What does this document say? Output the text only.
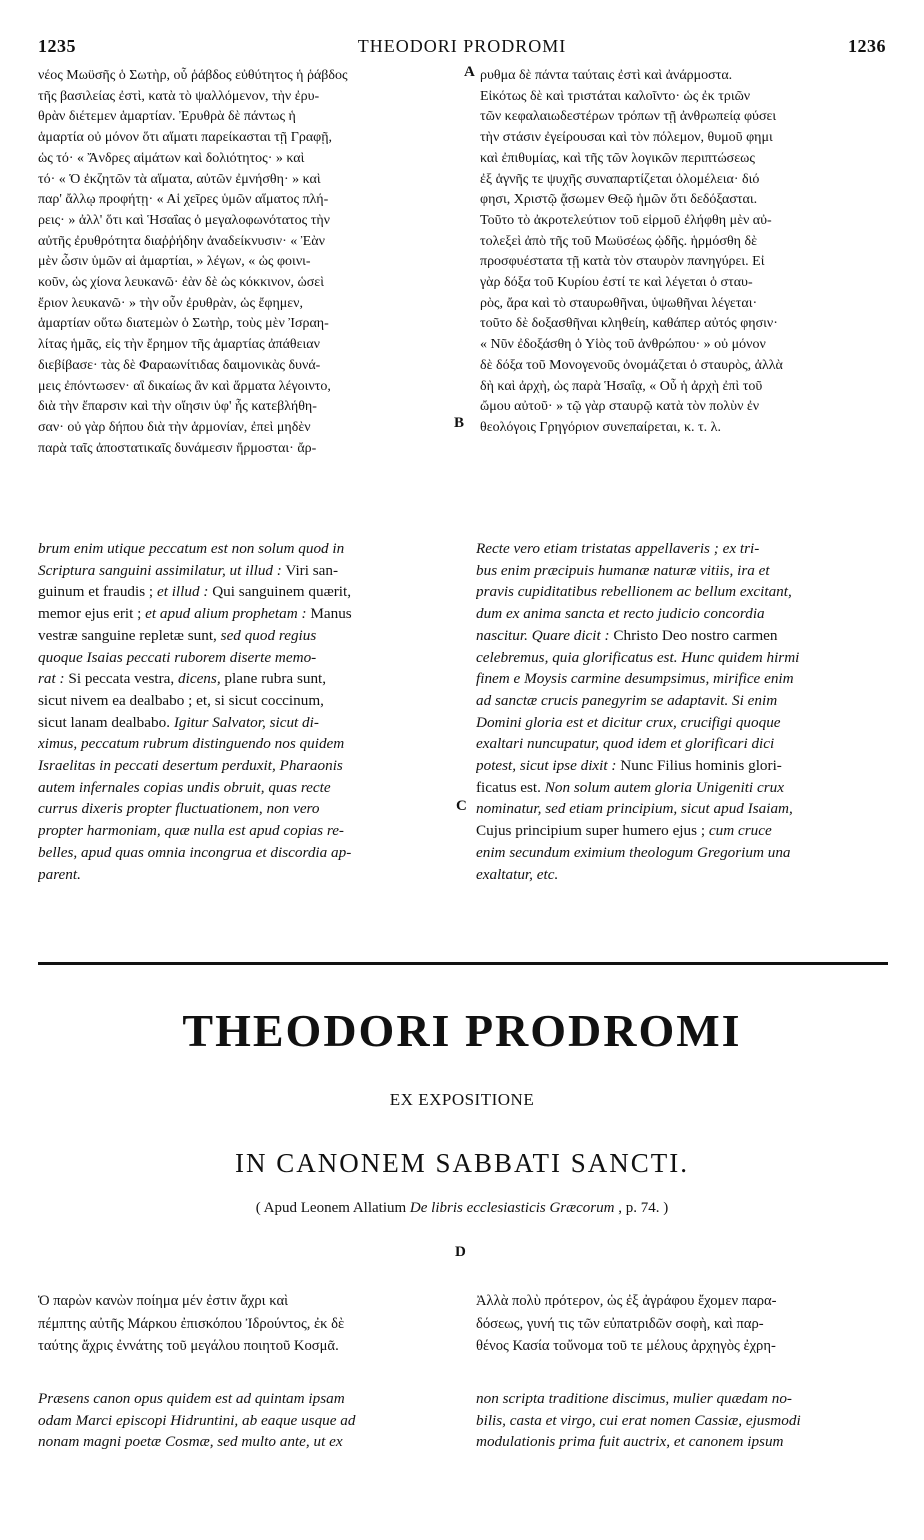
1235	THEODORI PRODROMI	1236
νέος Μωϋσῆς ὁ Σωτὴρ, οὗ ῥάβδος εὐθύτητος ἡ ῥάβδος
τῆς βασιλείας ἐστὶ, κατὰ τὸ ψαλλόμενον, τὴν ἐρυ-
θρὰν διέτεμεν ἁμαρτίαν. Ἐρυθρὰ δὲ πάντως ἡ
ἁμαρτία οὐ μόνον ὅτι αἵματι παρείκασται τῇ Γραφῇ,
ὡς τό· « Ἄνδρες αἱμάτων καὶ δολιότητος· » καὶ
τό· « Ὁ ἐκζητῶν τὰ αἵματα, αὐτῶν ἐμνήσθη· » καὶ
παρ' ἄλλῳ προφήτῃ· « Αἱ χεῖρες ὑμῶν αἵματος πλή-
ρεις· » ἀλλ' ὅτι καὶ Ἡσαΐας ὁ μεγαλοφωνότατος τὴν
αὐτῆς ἐρυθρότητα διαῤῥήδην ἀναδείκνυσιν· « Ἐὰν
μὲν ὦσιν ὑμῶν αἱ ἁμαρτίαι, » λέγων, « ὡς φοινι-
κοῦν, ὡς χίονα λευκανῶ· ἐὰν δὲ ὡς κόκκινον, ὡσεὶ
ἔριον λευκανῶ· » τὴν οὖν ἐρυθρὰν, ὡς ἔφημεν,
ἁμαρτίαν οὕτω διατεμὼν ὁ Σωτὴρ, τοὺς μὲν Ἰσραη-
λίτας ἡμᾶς, εἰς τὴν ἔρημον τῆς ἁμαρτίας ἀπάθειαν
διεβίβασε· τὰς δὲ Φαραωνίτιδας δαιμονικὰς δυνά-
μεις ἐπόντωσεν· αἳ δικαίως ἂν καὶ ἅρματα λέγοιντο,
διὰ τὴν ἔπαρσιν καὶ τὴν οἴησιν ὑφ' ἧς κατεβλήθη-
σαν· οὐ γὰρ δήπου διὰ τὴν ἁρμονίαν, ἐπεὶ μηδὲν
παρὰ ταῖς ἀποστατικαῖς δυνάμεσιν ἥρμοσται· ἄρ-
A ρυθμα δὲ πάντα ταύταις ἐστὶ καὶ ἀνάρμοστα.
Εἰκότως δὲ καὶ τριστάται καλοῖντο· ὡς ἐκ τριῶν
τῶν κεφαλαιωδεστέρων τρόπων τῇ ἀνθρωπείᾳ φύσει
τὴν στάσιν ἐγείρουσαι καὶ τὸν πόλεμον, θυμοῦ φημι
καὶ ἐπιθυμίας, καὶ τῆς τῶν λογικῶν περιπτώσεως
ἐξ ἁγνῆς τε ψυχῆς συναπαρτίζεται ὁλομέλεια· διό
φησι, Χριστῷ ᾄσωμεν Θεῷ ἡμῶν ὅτι δεδόξασται.
Τοῦτο τὸ ἀκροτελεύτιον τοῦ εἱρμοῦ ἐλήφθη μὲν αὐ-
τολεξεὶ ἀπὸ τῆς τοῦ Μωϋσέως ᾠδῆς. ἡρμόσθη δὲ
προσφυέστατα τῇ κατὰ τὸν σταυρὸν πανηγύρει. Εἰ
γὰρ δόξα τοῦ Κυρίου ἐστί τε καὶ λέγεται ὁ σταυ-
ρὸς, ἄρα καὶ τὸ σταυρωθῆναι, ὑψωθῆναι λέγεται·
τοῦτο δὲ δοξασθῆναι κληθείη, καθάπερ αὐτός φησιν·
« Νῦν ἐδοξάσθη ὁ Υἱὸς τοῦ ἀνθρώπου· » οὐ μόνον
δὲ δόξα τοῦ Μονογενοῦς ὀνομάζεται ὁ σταυρὸς, ἀλλὰ
δὴ καὶ ἀρχὴ, ὡς παρὰ Ἡσαΐᾳ, « Οὗ ἡ ἀρχὴ ἐπὶ τοῦ
ὤμου αὐτοῦ· » τῷ γὰρ σταυρῷ κατὰ τὸν πολὺν ἐν
θεολόγοις Γρηγόριον συνεπαίρεται, κ. τ. λ.
B
brum enim utique peccatum est non solum quod in
Scriptura sanguini assimilatur, ut illud : Viri san-
guinum et fraudis ; et illud : Qui sanguinem quærit,
memor ejus erit ; et apud alium prophetam : Manus
vestræ sanguine repletæ sunt, sed quod regius
quoque Isaias peccati ruborem diserte memo-
rat : Si peccata vestra, dicens, plane rubra sunt,
sicut nivem ea dealbabo ; et, si sicut coccinum,
sicut lanam dealbabo. Igitur Salvator, sicut di-
ximus, peccatum rubrum distinguendo nos quidem
Israelitas in peccati desertum perduxit, Pharaonis
autem infernales copias undis obruit, quas recte
currus dixeris propter fluctuationem, non vero
propter harmoniam, quæ nulla est apud copias re-
belles, apud quas omnia incongrua et discordia ap-
parent.
C
Recte vero etiam tristatas appellaveris ; ex tri-
bus enim præcipuis humanæ naturæ vitiis, ira et
pravis cupiditatibus rebellionem ac bellum excitant,
dum ex anima sancta et recto judicio concordia
nascitur. Quare dicit : Christo Deo nostro carmen
celebremus, quia glorificatus est. Hunc quidem hirmi
finem e Moysis carmine desumpsimus, mirifice enim
ad sanctæ crucis panegyrim se adaptavit. Si enim
Domini gloria est et dicitur crux, crucifigi quoque
exaltari nuncupatur, quod idem et glorificari dici
potest, sicut ipse dixit : Nunc Filius hominis glori-
ficatus est. Non solum autem gloria Unigeniti crux
nominatur, sed etiam principium, sicut apud Isaiam,
Cujus principium super humero ejus ; cum cruce
enim secundum eximium theologum Gregorium una
exaltatur, etc.
THEODORI PRODROMI
EX EXPOSITIONE
IN CANONEM SABBATI SANCTI.
( Apud Leonem Allatium De libris ecclesiasticis Græcorum , p. 74. )
D
Ὁ παρὼν κανὼν ποίημα μέν ἐστιν ἄχρι καὶ
πέμπτης αὐτῆς Μάρκου ἐπισκόπου Ἰδρούντος, ἐκ δὲ
ταύτης ἄχρις ἐννάτης τοῦ μεγάλου ποιητοῦ Κοσμᾶ.
Ἀλλὰ πολὺ πρότερον, ὡς ἐξ ἀγράφου ἔχομεν παρα-
δόσεως, γυνή τις τῶν εὐπατριδῶν σοφὴ, καὶ παρ-
θένος Κασία τοὔνομα τοῦ τε μέλους ἀρχηγὸς ἐχρη-
Præsens canon opus quidem est ad quintam ipsam
odam Marci episcopi Hidruntini, ab eaque usque ad
nonam magni poetæ Cosmæ, sed multo ante, ut ex
non scripta traditione discimus, mulier quædam no-
bilis, casta et virgo, cui erat nomen Cassiæ, ejusmodi
modulationis prima fuit auctrix, et canonem ipsum
